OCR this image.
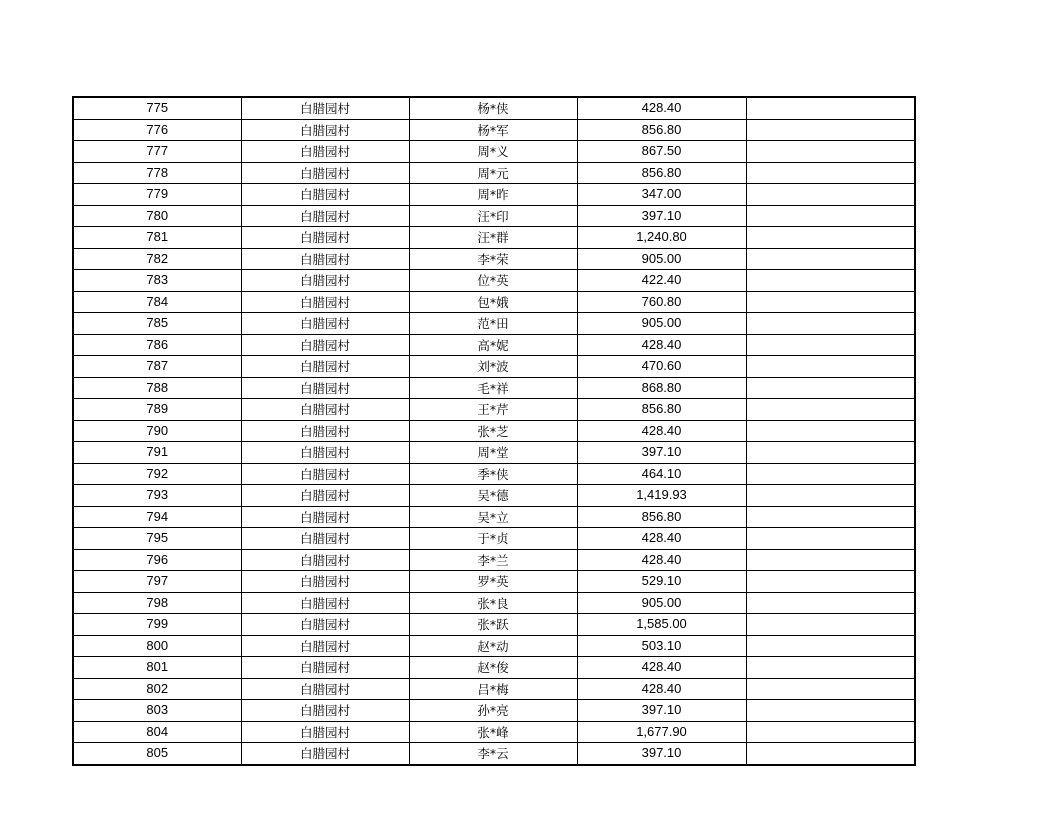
775	白腊园村	杨*侠	428.40	
776	白腊园村	杨*军	856.80	
777	白腊园村	周*义	867.50	
778	白腊园村	周*元	856.80	
779	白腊园村	周*昨	347.00	
780	白腊园村	汪*印	397.10	
781	白腊园村	汪*群	1,240.80	
782	白腊园村	李*荣	905.00	
783	白腊园村	位*英	422.40	
784	白腊园村	包*娥	760.80	
785	白腊园村	范*田	905.00	
786	白腊园村	高*妮	428.40	
787	白腊园村	刘*波	470.60	
788	白腊园村	毛*祥	868.80	
789	白腊园村	王*芹	856.80	
790	白腊园村	张*芝	428.40	
791	白腊园村	周*堂	397.10	
792	白腊园村	季*侠	464.10	
793	白腊园村	吴*德	1,419.93	
794	白腊园村	吴*立	856.80	
795	白腊园村	于*贞	428.40	
796	白腊园村	李*兰	428.40	
797	白腊园村	罗*英	529.10	
798	白腊园村	张*良	905.00	
799	白腊园村	张*跃	1,585.00	
800	白腊园村	赵*动	503.10	
801	白腊园村	赵*俊	428.40	
802	白腊园村	吕*梅	428.40	
803	白腊园村	孙*亮	397.10	
804	白腊园村	张*峰	1,677.90	
805	白腊园村	李*云	397.10	
